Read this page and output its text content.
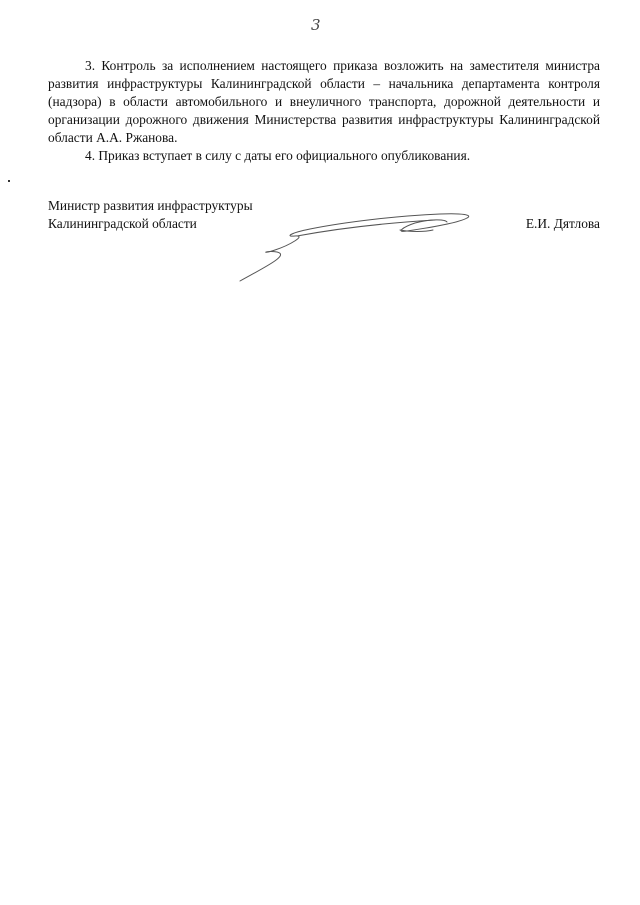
3

3. Контроль за исполнением настоящего приказа возложить на заместителя министра развития инфраструктуры Калининградской области – начальника департамента контроля (надзора) в области автомобильного и внеуличного транспорта, дорожной деятельности и организации дорожного движения Министерства развития инфраструктуры Калининградской области А.А. Ржанова.

4. Приказ вступает в силу с даты его официального опубликования.

Министр развития инфраструктуры
Калининградской области	Е.И. Дятлова
